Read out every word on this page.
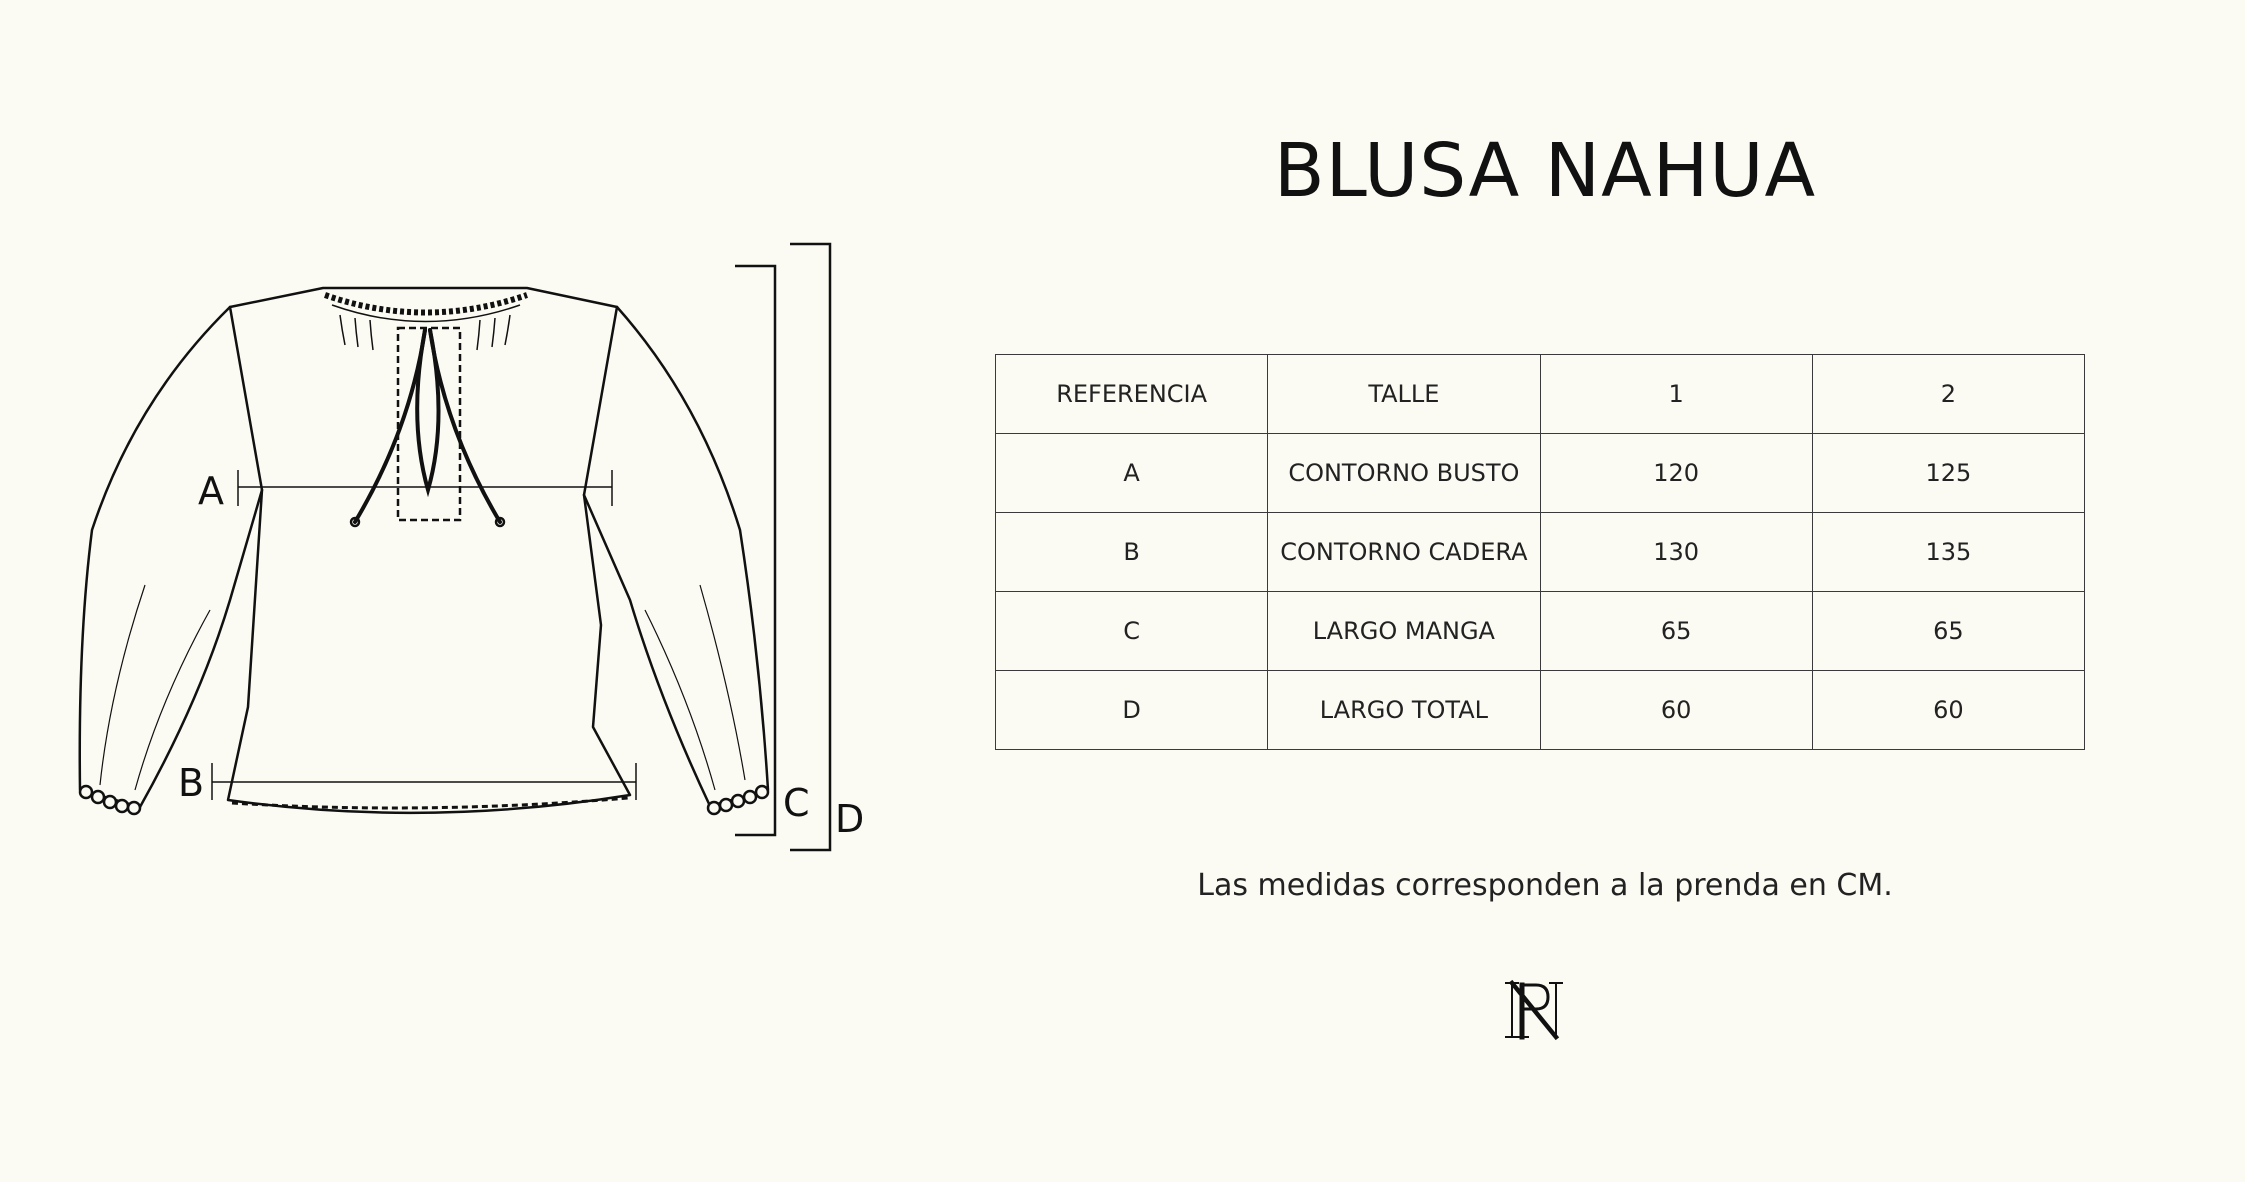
A
B	C D
BLUSA NAHUA
REFERENCIA	TALLE	1	2
A	CONTORNO BUSTO	120	125
B	CONTORNO CADERA	130	135
C	LARGO MANGA	65	65
D	LARGO TOTAL	60	60
Las medidas corresponden a la prenda en CM.
